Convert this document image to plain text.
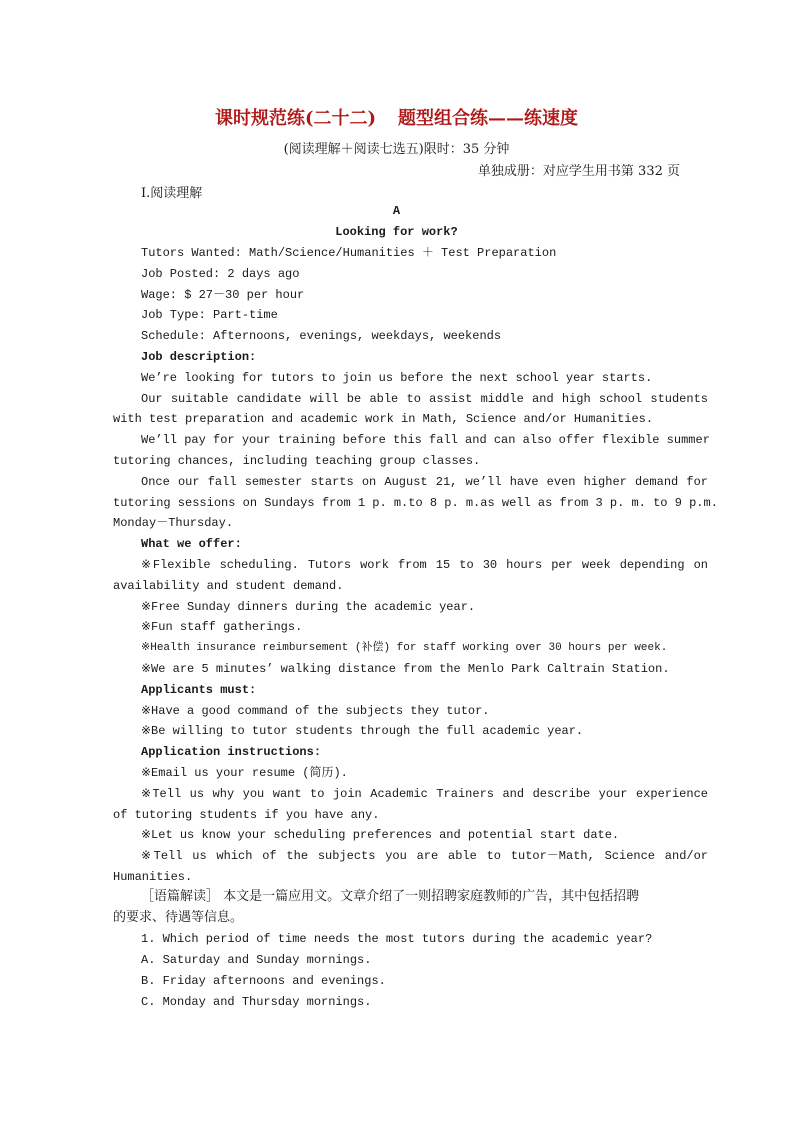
课时规范练(二十二) 题型组合练——练速度
(阅读理解＋阅读七选五)限时：35 分钟
单独成册：对应学生用书第 332 页
Ⅰ.阅读理解
A
Looking for work?
Tutors Wanted: Math/Science/Humanities ＋ Test Preparation
Job Posted: 2 days ago
Wage: $ 27－30 per hour
Job Type: Part-time
Schedule: Afternoons, evenings, weekdays, weekends
Job description:
We’re looking for tutors to join us before the next school year starts.
Our suitable candidate will be able to assist middle and high school students
with test preparation and academic work in Math, Science and/or Humanities.
We’ll pay for your training before this fall and can also offer flexible summer
tutoring chances, including teaching group classes.
Once our fall semester starts on August 21, we’ll have even higher demand for
tutoring sessions on Sundays from 1 p. m.to 8 p. m.as well as from 3 p. m. to 9 p.m.
Monday－Thursday.
What we offer:
※Flexible scheduling. Tutors work from 15 to 30 hours per week depending on
availability and student demand.
※Free Sunday dinners during the academic year.
※Fun staff gatherings.
※Health insurance reimbursement (补偿) for staff working over 30 hours per week.
※We are 5 minutes’ walking distance from the Menlo Park Caltrain Station.
Applicants must:
※Have a good command of the subjects they tutor.
※Be willing to tutor students through the full academic year.
Application instructions:
※Email us your resume (简历).
※Tell us why you want to join Academic Trainers and describe your experience
of tutoring students if you have any.
※Let us know your scheduling preferences and potential start date.
※Tell us which of the subjects you are able to tutor－Math, Science and/or
Humanities.
［语篇解读］ 本文是一篇应用文。文章介绍了一则招聘家庭教师的广告，其中包括招聘
的要求、待遇等信息。
1. Which period of time needs the most tutors during the academic year?
A. Saturday and Sunday mornings.
B. Friday afternoons and evenings.
C. Monday and Thursday mornings.
